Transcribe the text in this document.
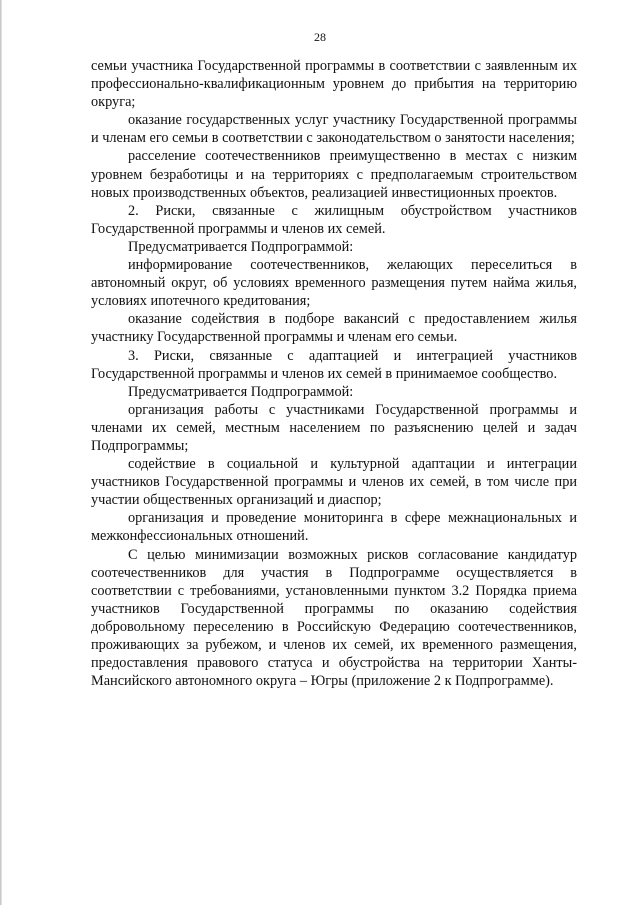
28

семьи участника Государственной программы в соответствии с заявленным их профессионально-квалификационным уровнем до прибытия на территорию округа;

оказание государственных услуг участнику Государственной программы и членам его семьи в соответствии с законодательством о занятости населения;

расселение соотечественников преимущественно в местах с низким уровнем безработицы и на территориях с предполагаемым строительством новых производственных объектов, реализацией инвестиционных проектов.

2. Риски, связанные с жилищным обустройством участников Государственной программы и членов их семей.

Предусматривается Подпрограммой:

информирование соотечественников, желающих переселиться в автономный округ, об условиях временного размещения путем найма жилья, условиях ипотечного кредитования;

оказание содействия в подборе вакансий с предоставлением жилья участнику Государственной программы и членам его семьи.

3. Риски, связанные с адаптацией и интеграцией участников Государственной программы и членов их семей в принимаемое сообщество.

Предусматривается Подпрограммой:

организация работы с участниками Государственной программы и членами их семей, местным населением по разъяснению целей и задач Подпрограммы;

содействие в социальной и культурной адаптации и интеграции участников Государственной программы и членов их семей, в том числе при участии общественных организаций и диаспор;

организация и проведение мониторинга в сфере межнациональных и межконфессиональных отношений.

С целью минимизации возможных рисков согласование кандидатур соотечественников для участия в Подпрограмме осуществляется в соответствии с требованиями, установленными пунктом 3.2 Порядка приема участников Государственной программы по оказанию содействия добровольному переселению в Российскую Федерацию соотечественников, проживающих за рубежом, и членов их семей, их временного размещения, предоставления правового статуса и обустройства на территории Ханты-Мансийского автономного округа – Югры (приложение 2 к Подпрограмме).
